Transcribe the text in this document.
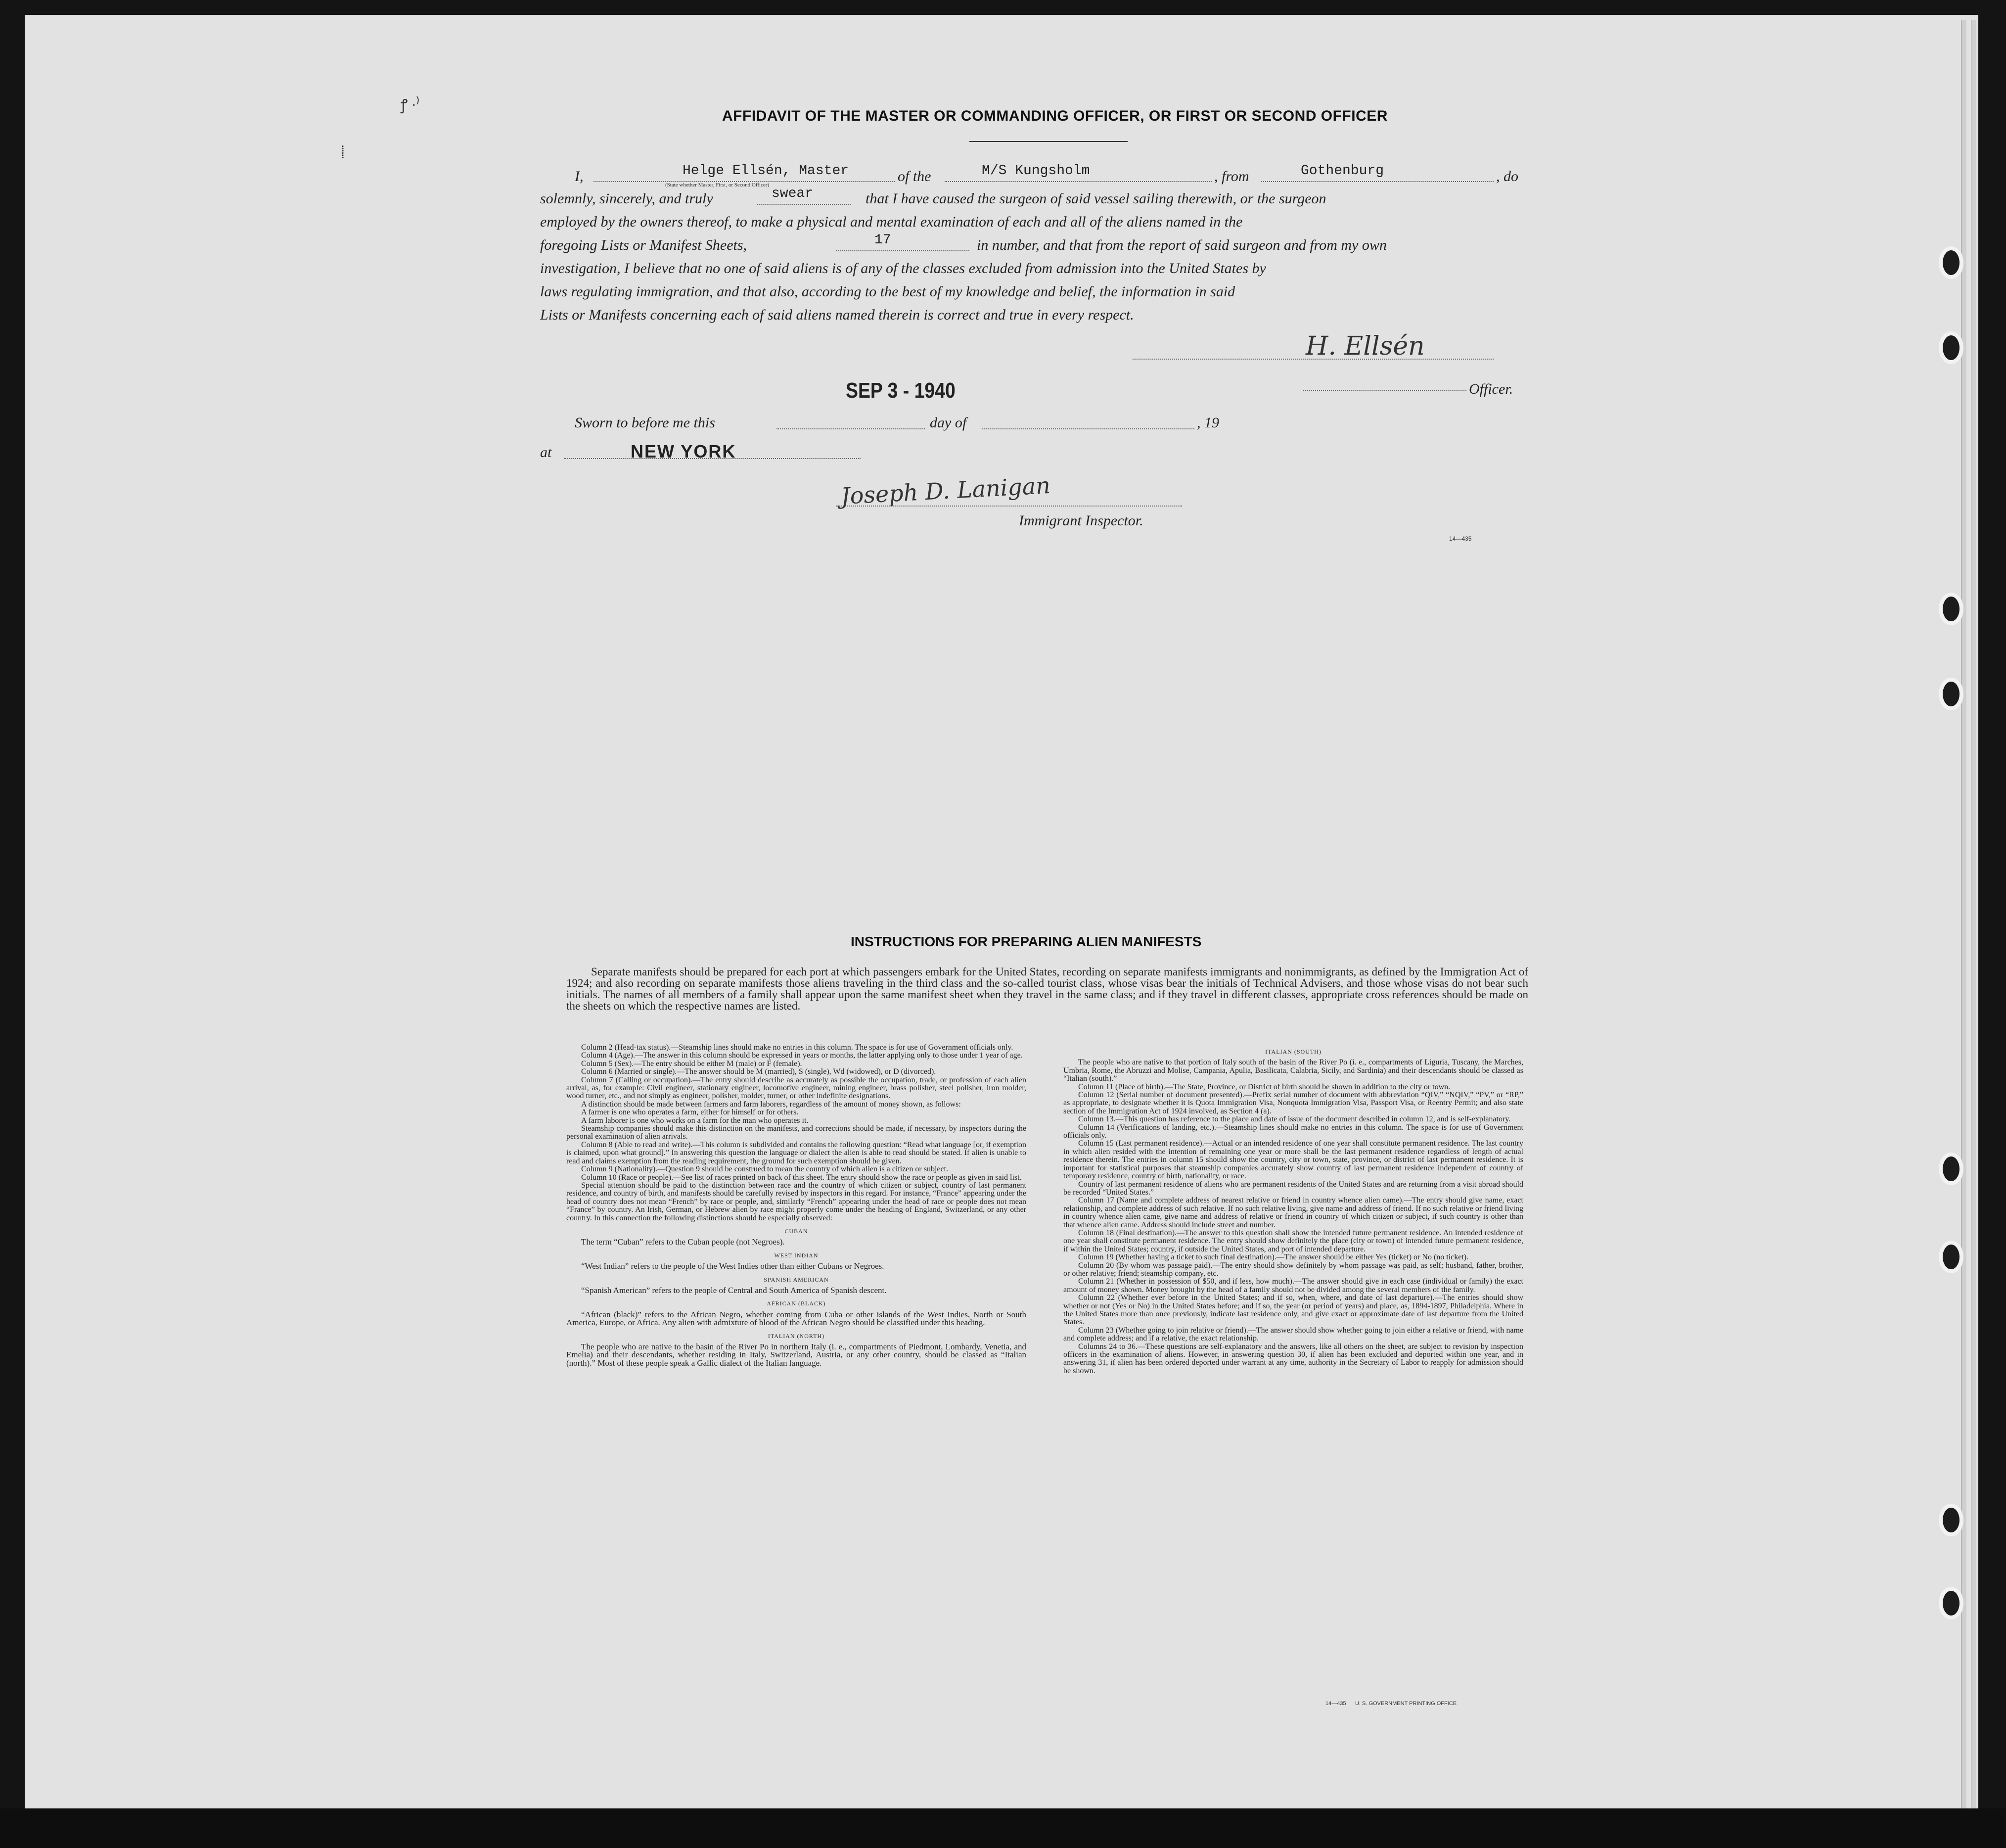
ꝭ ·⁾
⸽
AFFIDAVIT OF THE MASTER OR COMMANDING OFFICER, OR FIRST OR SECOND OFFICER
I,	Helge Ellsén, Master	of the	M/S Kungsholm	, from	Gothenburg	, do
(State whether Master, First, or Second Officer)
solemnly, sincerely, and truly	swear	that I have caused the surgeon of said vessel sailing therewith, or the surgeon
employed by the owners thereof, to make a physical and mental examination of each and all of the aliens named in the
foregoing Lists or Manifest Sheets,	17	in number, and that from the report of said surgeon and from my own
investigation, I believe that no one of said aliens is of any of the classes excluded from admission into the United States by
laws regulating immigration, and that also, according to the best of my knowledge and belief, the information in said
Lists or Manifests concerning each of said aliens named therein is correct and true in every respect.
H. Ellsén
Officer.
SEP 3 - 1940
Sworn to before me this	day of	, 19
at	NEW YORK
Joseph D. Lanigan
Immigrant Inspector.
14—435
INSTRUCTIONS FOR PREPARING ALIEN MANIFESTS
Separate manifests should be prepared for each port at which passengers embark for the United States, recording on separate manifests immigrants and nonimmigrants, as defined by the Immigration Act of 1924; and also recording on separate manifests those aliens traveling in the third class and the so-called tourist class, whose visas bear the initials of Technical Advisers, and those whose visas do not bear such initials. The names of all members of a family shall appear upon the same manifest sheet when they travel in the same class; and if they travel in different classes, appropriate cross references should be made on the sheets on which the respective names are listed.

Column 2 (Head-tax status).—Steamship lines should make no entries in this column. The space is for use of Government officials only.

Column 4 (Age).—The answer in this column should be expressed in years or months, the latter applying only to those under 1 year of age.

Column 5 (Sex).—The entry should be either M (male) or F (female).

Column 6 (Married or single).—The answer should be M (married), S (single), Wd (widowed), or D (divorced).

Column 7 (Calling or occupation).—The entry should describe as accurately as possible the occupation, trade, or profession of each alien arrival, as, for example: Civil engineer, stationary engineer, locomotive engineer, mining engineer, brass polisher, steel polisher, iron molder, wood turner, etc., and not simply as engineer, polisher, molder, turner, or other indefinite designations.

A distinction should be made between farmers and farm laborers, regardless of the amount of money shown, as follows:

A farmer is one who operates a farm, either for himself or for others.

A farm laborer is one who works on a farm for the man who operates it.

Steamship companies should make this distinction on the manifests, and corrections should be made, if necessary, by inspectors during the personal examination of alien arrivals.

Column 8 (Able to read and write).—This column is subdivided and contains the following question: “Read what language [or, if exemption is claimed, upon what ground].” In answering this question the language or dialect the alien is able to read should be stated. If alien is unable to read and claims exemption from the reading requirement, the ground for such exemption should be given.

Column 9 (Nationality).—Question 9 should be construed to mean the country of which alien is a citizen or subject.

Column 10 (Race or people).—See list of races printed on back of this sheet. The entry should show the race or people as given in said list.

Special attention should be paid to the distinction between race and the country of which citizen or subject, country of last permanent residence, and country of birth, and manifests should be carefully revised by inspectors in this regard. For instance, “France” appearing under the head of country does not mean “French” by race or people, and, similarly “French” appearing under the head of race or people does not mean “France” by country. An Irish, German, or Hebrew alien by race might properly come under the heading of England, Switzerland, or any other country. In this connection the following distinctions should be especially observed:

CUBAN

The term “Cuban” refers to the Cuban people (not Negroes).

WEST INDIAN

“West Indian” refers to the people of the West Indies other than either Cubans or Negroes.

SPANISH AMERICAN

“Spanish American” refers to the people of Central and South America of Spanish descent.

AFRICAN (BLACK)

“African (black)” refers to the African Negro, whether coming from Cuba or other islands of the West Indies, North or South America, Europe, or Africa. Any alien with admixture of blood of the African Negro should be classified under this heading.

ITALIAN (NORTH)

The people who are native to the basin of the River Po in northern Italy (i. e., compartments of Piedmont, Lombardy, Venetia, and Emelia) and their descendants, whether residing in Italy, Switzerland, Austria, or any other country, should be classed as “Italian (north).” Most of these people speak a Gallic dialect of the Italian language.

ITALIAN (SOUTH)

The people who are native to that portion of Italy south of the basin of the River Po (i. e., compartments of Liguria, Tuscany, the Marches, Umbria, Rome, the Abruzzi and Molise, Campania, Apulia, Basilicata, Calabria, Sicily, and Sardinia) and their descendants should be classed as “Italian (south).”

Column 11 (Place of birth).—The State, Province, or District of birth should be shown in addition to the city or town.

Column 12 (Serial number of document presented).—Prefix serial number of document with abbreviation “QIV,” “NQIV,” “PV,” or “RP,” as appropriate, to designate whether it is Quota Immigration Visa, Nonquota Immigration Visa, Passport Visa, or Reentry Permit; and also state section of the Immigration Act of 1924 involved, as Section 4 (a).

Column 13.—This question has reference to the place and date of issue of the document described in column 12, and is self-explanatory.

Column 14 (Verifications of landing, etc.).—Steamship lines should make no entries in this column. The space is for use of Government officials only.

Column 15 (Last permanent residence).—Actual or an intended residence of one year shall constitute permanent residence. The last country in which alien resided with the intention of remaining one year or more shall be the last permanent residence regardless of length of actual residence therein. The entries in column 15 should show the country, city or town, state, province, or district of last permanent residence. It is important for statistical purposes that steamship companies accurately show country of last permanent residence independent of country of temporary residence, country of birth, nationality, or race.

Country of last permanent residence of aliens who are permanent residents of the United States and are returning from a visit abroad should be recorded “United States.”

Column 17 (Name and complete address of nearest relative or friend in country whence alien came).—The entry should give name, exact relationship, and complete address of such relative. If no such relative living, give name and address of friend. If no such relative or friend living in country whence alien came, give name and address of relative or friend in country of which citizen or subject, if such country is other than that whence alien came. Address should include street and number.

Column 18 (Final destination).—The answer to this question shall show the intended future permanent residence. An intended residence of one year shall constitute permanent residence. The entry should show definitely the place (city or town) of intended future permanent residence, if within the United States; country, if outside the United States, and port of intended departure.

Column 19 (Whether having a ticket to such final destination).—The answer should be either Yes (ticket) or No (no ticket).

Column 20 (By whom was passage paid).—The entry should show definitely by whom passage was paid, as self; husband, father, brother, or other relative; friend; steamship company, etc.

Column 21 (Whether in possession of $50, and if less, how much).—The answer should give in each case (individual or family) the exact amount of money shown. Money brought by the head of a family should not be divided among the several members of the family.

Column 22 (Whether ever before in the United States; and if so, when, where, and date of last departure).—The entries should show whether or not (Yes or No) in the United States before; and if so, the year (or period of years) and place, as, 1894-1897, Philadelphia. Where in the United States more than once previously, indicate last residence only, and give exact or approximate date of last departure from the United States.

Column 23 (Whether going to join relative or friend).—The answer should show whether going to join either a relative or friend, with name and complete address; and if a relative, the exact relationship.

Columns 24 to 36.—These questions are self-explanatory and the answers, like all others on the sheet, are subject to revision by inspection officers in the examination of aliens. However, in answering question 30, if alien has been excluded and deported within one year, and in answering 31, if alien has been ordered deported under warrant at any time, authority in the Secretary of Labor to reapply for admission should be shown.

14—435 U. S. GOVERNMENT PRINTING OFFICE
